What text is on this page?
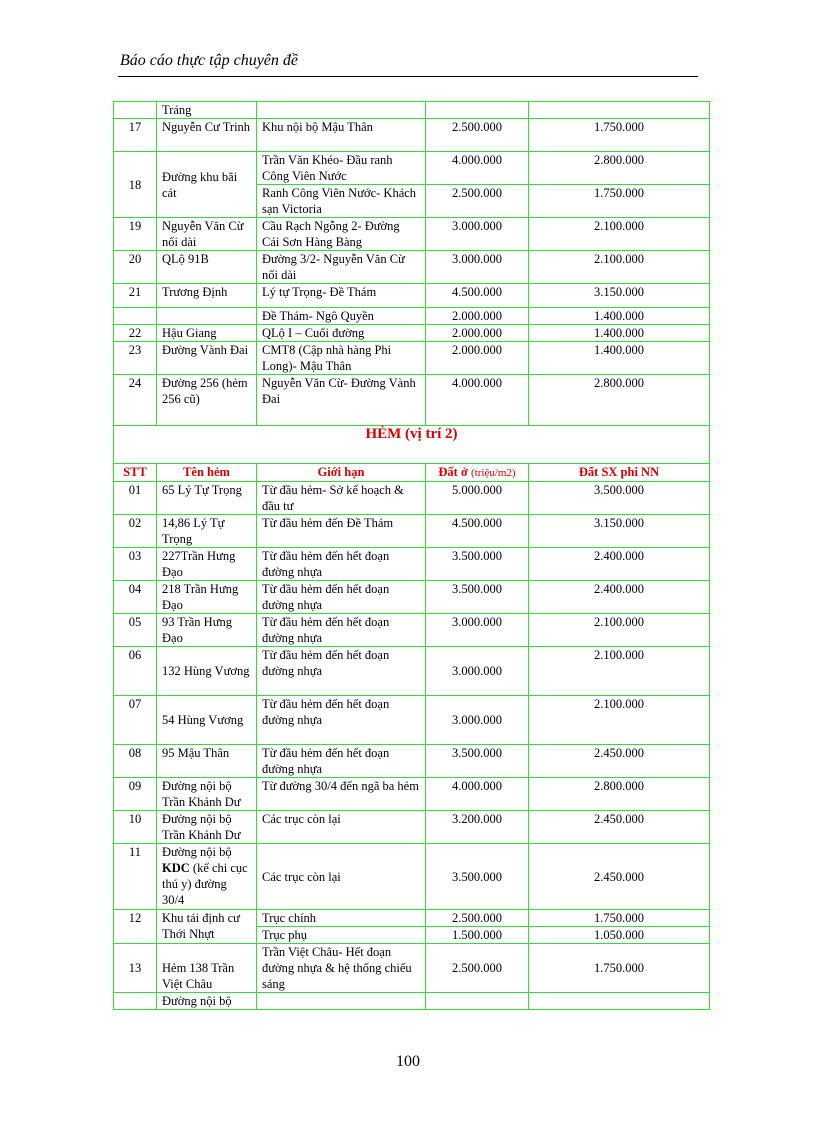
Báo cáo thực tập chuyên đề
	Tráng			
17	Nguyễn Cư Trinh	Khu nội bộ Mậu Thân	2.500.000	1.750.000
18	Đường khu bãi cát	Trần Văn Khéo- Đầu ranh Công Viên Nước	4.000.000	2.800.000
		Ranh Công Viên Nước- Khách sạn Victoria	2.500.000	1.750.000
19	Nguyễn Văn Cừ nối dài	Cầu Rạch Ngỗng 2- Đường Cái Sơn Hàng Bàng	3.000.000	2.100.000
20	QLộ 91B	Đường 3/2- Nguyễn Văn Cừ nối dài	3.000.000	2.100.000
21	Trương Định	Lý tự Trọng- Đề Thám	4.500.000	3.150.000
		Đề Thám- Ngô Quyền	2.000.000	1.400.000
22	Hậu Giang	QLộ I – Cuối đường	2.000.000	1.400.000
23	Đường Vành Đai	CMT8 (Cập nhà hàng Phi Long)- Mậu Thân	2.000.000	1.400.000
24	Đường 256 (hẻm 256 cũ)	Nguyễn Văn Cừ- Đường Vành Đai	4.000.000	2.800.000
HẺM (vị trí 2)				
STT	Tên hẻm	Giới hạn	Đất ở (triệu/m2)	Đất SX phi NN
01	65 Lý Tự Trọng	Từ đầu hẻm- Sở kế hoạch & đầu tư	5.000.000	3.500.000
02	14,86 Lý Tự Trọng	Từ đầu hẻm đến Đề Thám	4.500.000	3.150.000
03	227Trần Hưng Đạo	Từ đầu hẻm đến hết đoạn đường nhựa	3.500.000	2.400.000
04	218 Trần Hưng Đạo	Từ đầu hẻm đến hết đoạn đường nhựa	3.500.000	2.400.000
05	93 Trần Hưng Đạo	Từ đầu hẻm đến hết đoạn đường nhựa	3.000.000	2.100.000
06	132 Hùng Vương	Từ đầu hẻm đến hết đoạn đường nhựa	3.000.000	2.100.000
07	54 Hùng Vương	Từ đầu hẻm đến hết đoạn đường nhựa	3.000.000	2.100.000
08	95 Mậu Thân	Từ đầu hẻm đến hết đoạn đường nhựa	3.500.000	2.450.000
09	Đường nội bộ Trần Khánh Dư	Từ đường 30/4 đến ngã ba hẻm	4.000.000	2.800.000
10	Đường nội bộ Trần Khánh Dư	Các trục còn lại	3.200.000	2.450.000
11	Đường nội bộ KDC (kể chi cục thú y) đường 30/4	Các trục còn lại	3.500.000	2.450.000
12	Khu tái định cư Thới Nhựt	Trục chính	2.500.000	1.750.000
		Trục phụ	1.500.000	1.050.000
13	Hẻm 138 Trần Việt Châu	Trần Việt Châu- Hết đoạn đường nhựa & hệ thống chiếu sáng	2.500.000	1.750.000
	Đường nội bộ			
100
